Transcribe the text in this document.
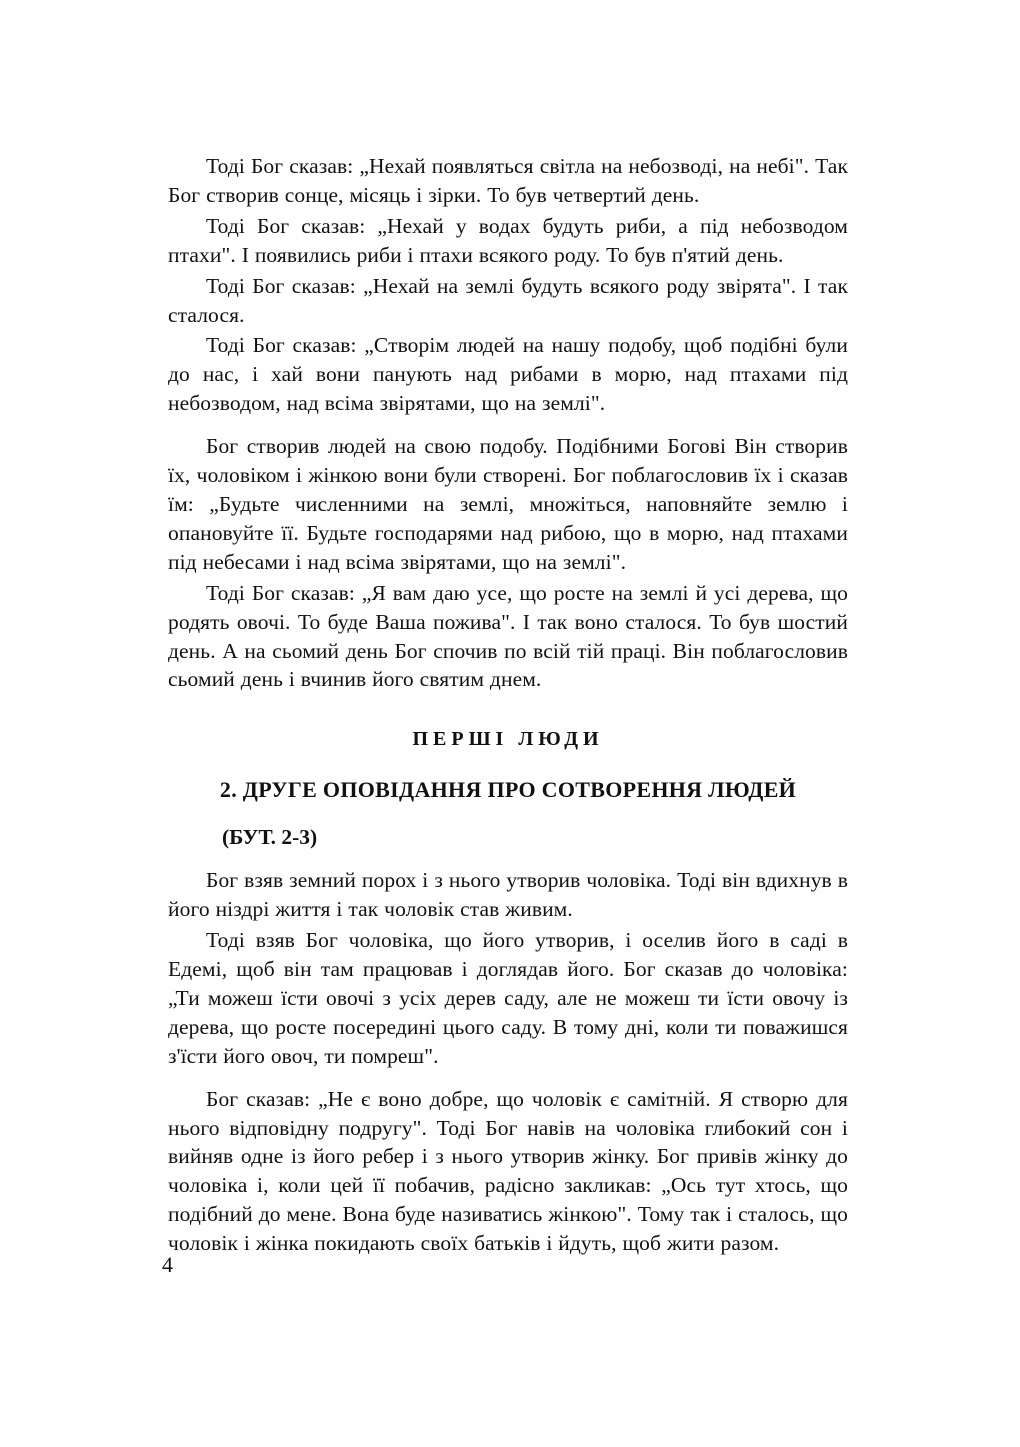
Тоді Бог сказав: „Нехай появляться світла на небозводі, на небі". Так Бог створив сонце, місяць і зірки. То був четвертий день.

Тоді Бог сказав: „Нехай у водах будуть риби, а під небозводом птахи". І появились риби і птахи всякого роду. То був п'ятий день.

Тоді Бог сказав: „Нехай на землі будуть всякого роду звірята". І так сталося.

Тоді Бог сказав: „Створім людей на нашу подобу, щоб подібні були до нас, і хай вони панують над рибами в морю, над птахами під небозводом, над всіма звірятами, що на землі".

Бог створив людей на свою подобу. Подібними Богові Він створив їх, чоловіком і жінкою вони були створені. Бог поблагословив їх і сказав їм: „Будьте численними на землі, множіться, наповняйте землю і опановуйте її. Будьте господарями над рибою, що в морю, над птахами під небесами і над всіма звірятами, що на землі".

Тоді Бог сказав: „Я вам даю усе, що росте на землі й усі дерева, що родять овочі. То буде Ваша пожива". І так воно сталося. То був шостий день. А на сьомий день Бог спочив по всій тій праці. Він поблагословив сьомий день і вчинив його святим днем.

ПЕРШІ ЛЮДИ
2. ДРУГЕ ОПОВІДАННЯ ПРО СОТВОРЕННЯ ЛЮДЕЙ

(БУТ. 2-3)

Бог взяв земний порох і з нього утворив чоловіка. Тоді він вдихнув в його ніздрі життя і так чоловік став живим.

Тоді взяв Бог чоловіка, що його утворив, і оселив його в саді в Едемі, щоб він там працював і доглядав його. Бог сказав до чоловіка: „Ти можеш їсти овочі з усіх дерев саду, але не можеш ти їсти овочу із дерева, що росте посередині цього саду. В тому дні, коли ти поважишся з'їсти його овоч, ти помреш".

Бог сказав: „Не є воно добре, що чоловік є самітній. Я створю для нього відповідну подругу". Тоді Бог навів на чоловіка глибокий сон і вийняв одне із його ребер і з нього утворив жінку. Бог привів жінку до чоловіка і, коли цей її побачив, радісно закликав: „Ось тут хтось, що подібний до мене. Вона буде називатись жінкою". Тому так і сталось, що чоловік і жінка покидають своїх батьків і йдуть, щоб жити разом.

4
